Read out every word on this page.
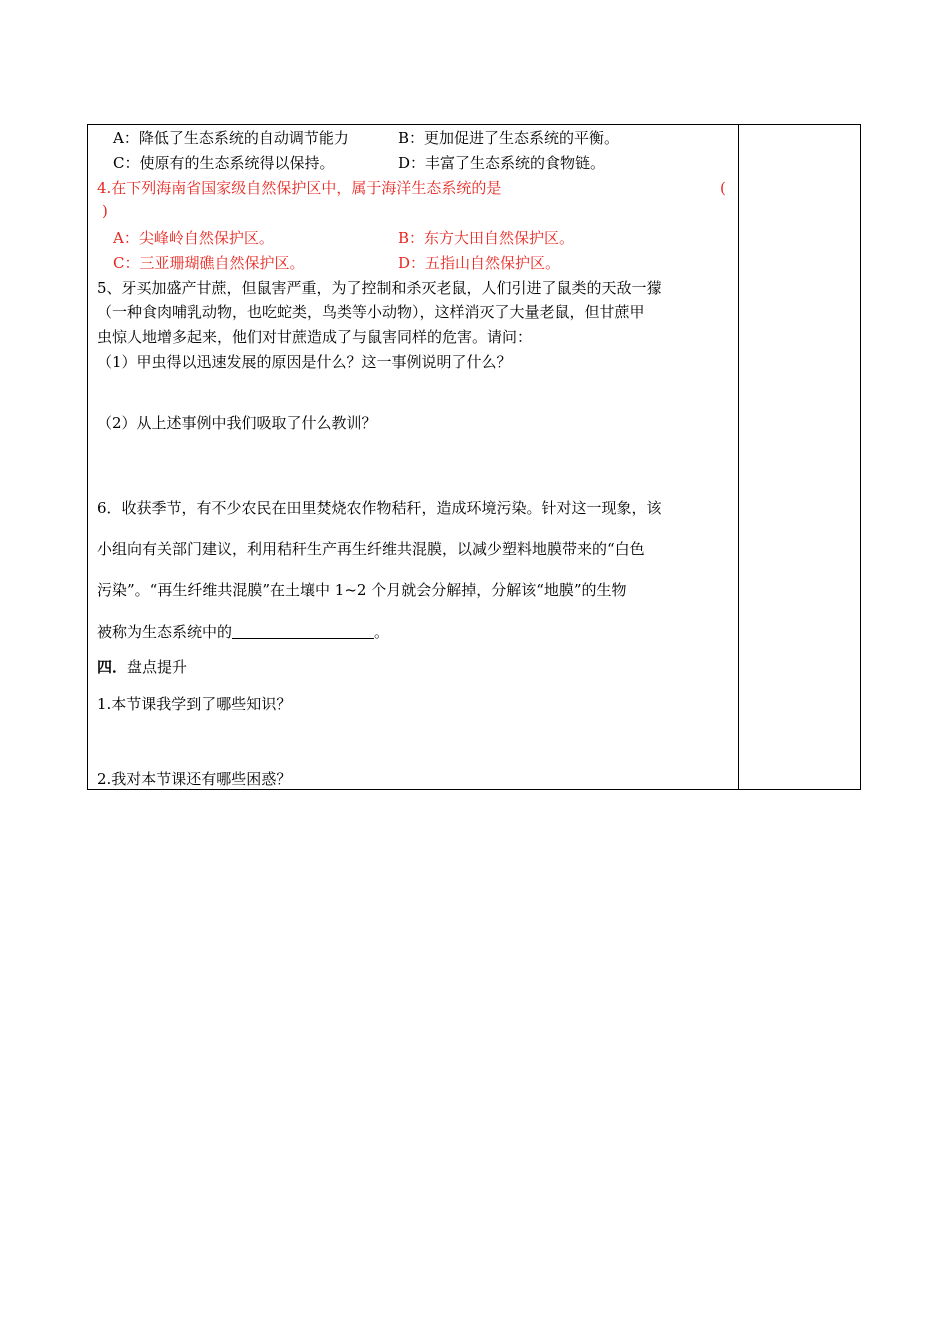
A：降低了生态系统的自动调节能力	B：更加促进了生态系统的平衡。
C：使原有的生态系统得以保持。	D：丰富了生态系统的食物链。
4.在下列海南省国家级自然保护区中，属于海洋生态系统的是	(
)
A：尖峰岭自然保护区。	B：东方大田自然保护区。
C：三亚珊瑚礁自然保护区。	D：五指山自然保护区。
5、牙买加盛产甘蔗，但鼠害严重，为了控制和杀灭老鼠，人们引进了鼠类的天敌一獴
（一种食肉哺乳动物，也吃蛇类，鸟类等小动物），这样消灭了大量老鼠，但甘蔗甲
虫惊人地增多起来，他们对甘蔗造成了与鼠害同样的危害。请问：
（1）甲虫得以迅速发展的原因是什么？这一事例说明了什么？
（2）从上述事例中我们吸取了什么教训？
6．收获季节，有不少农民在田里焚烧农作物秸秆，造成环境污染。针对这一现象，该
小组向有关部门建议，利用秸秆生产再生纤维共混膜，以减少塑料地膜带来的“白色
污染”。“再生纤维共混膜”在土壤中 1~2 个月就会分解掉，分解该“地膜”的生物
被称为生态系统中的	。
四．盘点提升
1.本节课我学到了哪些知识？
2.我对本节课还有哪些困惑？
